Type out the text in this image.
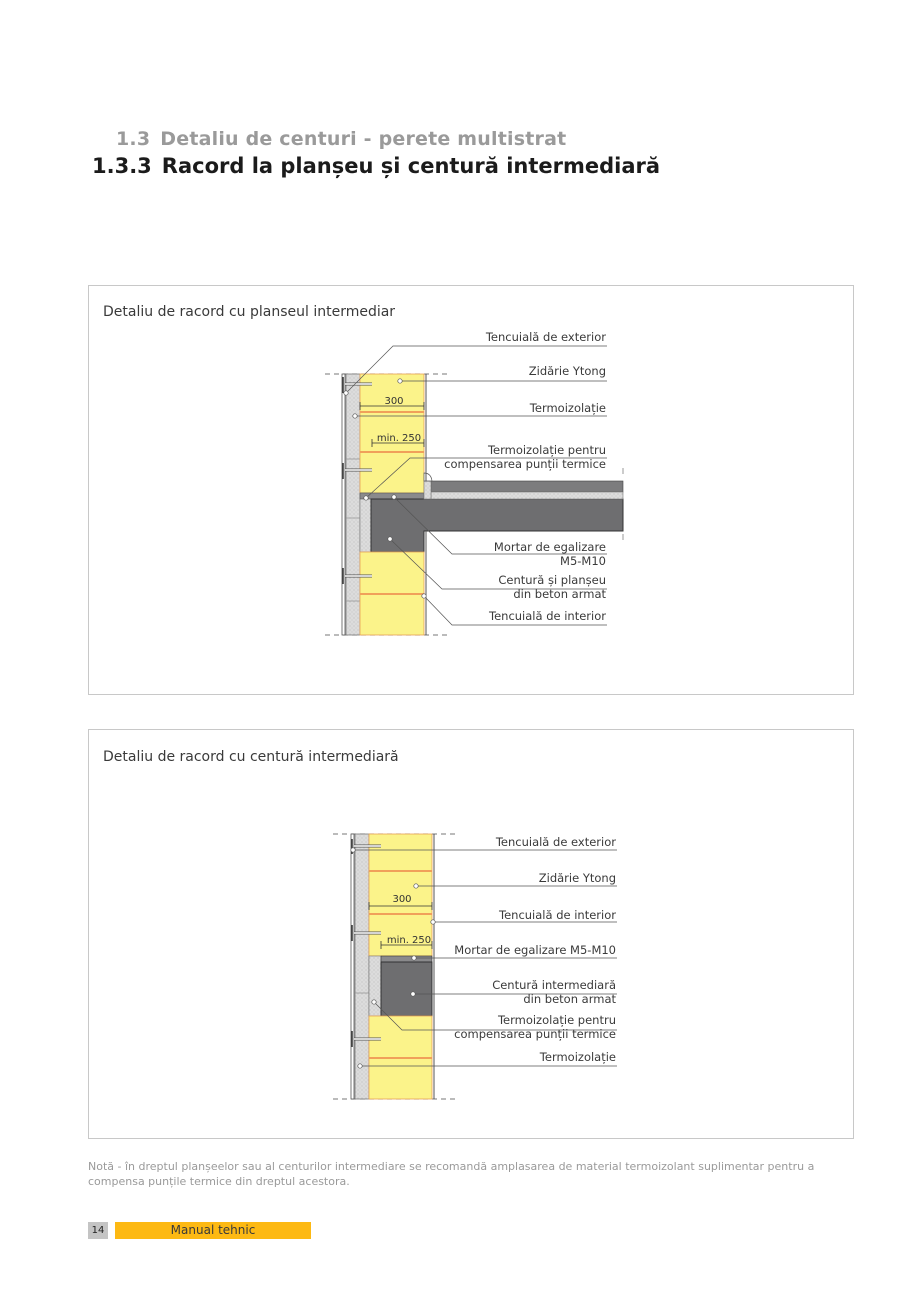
1.3 Detaliu de centuri - perete multistrat
1.3.3 Racord la planșeu și centură intermediară
Detaliu de racord cu planseul intermediar
300
min. 250
Tencuială de exterior
Zidărie Ytong
Termoizolație
Termoizolație pentru
compensarea punții termice
Mortar de egalizare
M5-M10
Centură și planșeu
din beton armat
Tencuială de interior
Detaliu de racord cu centură intermediară
300
min. 250
Tencuială de exterior
Zidărie Ytong
Tencuială de interior
Mortar de egalizare M5-M10
Centură intermediară
din beton armat
Termoizolație pentru
compensarea punții termice
Termoizolație
Notă - în dreptul planșeelor sau al centurilor intermediare se recomandă amplasarea de material termoizolant suplimentar pentru a compensa punțile termice din dreptul acestora.
14	Manual tehnic
